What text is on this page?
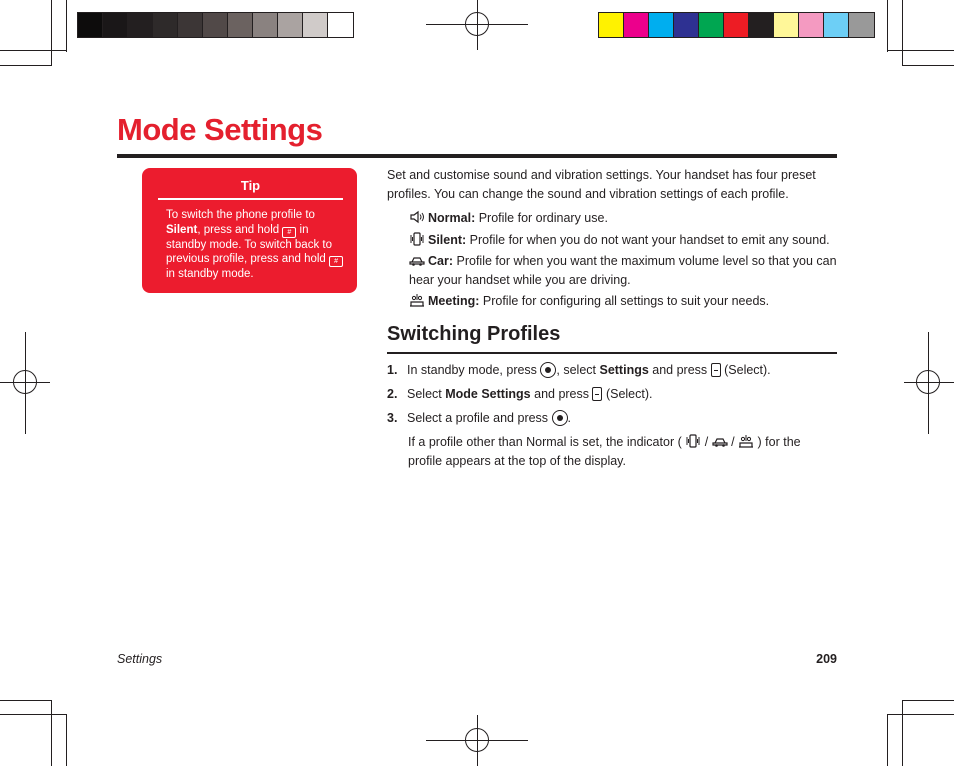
Mode Settings
Tip
To switch the phone profile to Silent, press and hold # in standby mode. To switch back to previous profile, press and hold # in standby mode.
Set and customise sound and vibration settings. Your handset has four preset profiles. You can change the sound and vibration settings of each profile.
Normal: Profile for ordinary use.
Silent: Profile for when you do not want your handset to emit any sound.
Car: Profile for when you want the maximum volume level so that you can hear your handset while you are driving.
Meeting: Profile for configuring all settings to suit your needs.
Switching Profiles
1. In standby mode, press , select Settings and press  (Select).
2. Select Mode Settings and press  (Select).
3. Select a profile and press .
If a profile other than Normal is set, the indicator (  /  /  ) for the profile appears at the top of the display.
Settings	209
